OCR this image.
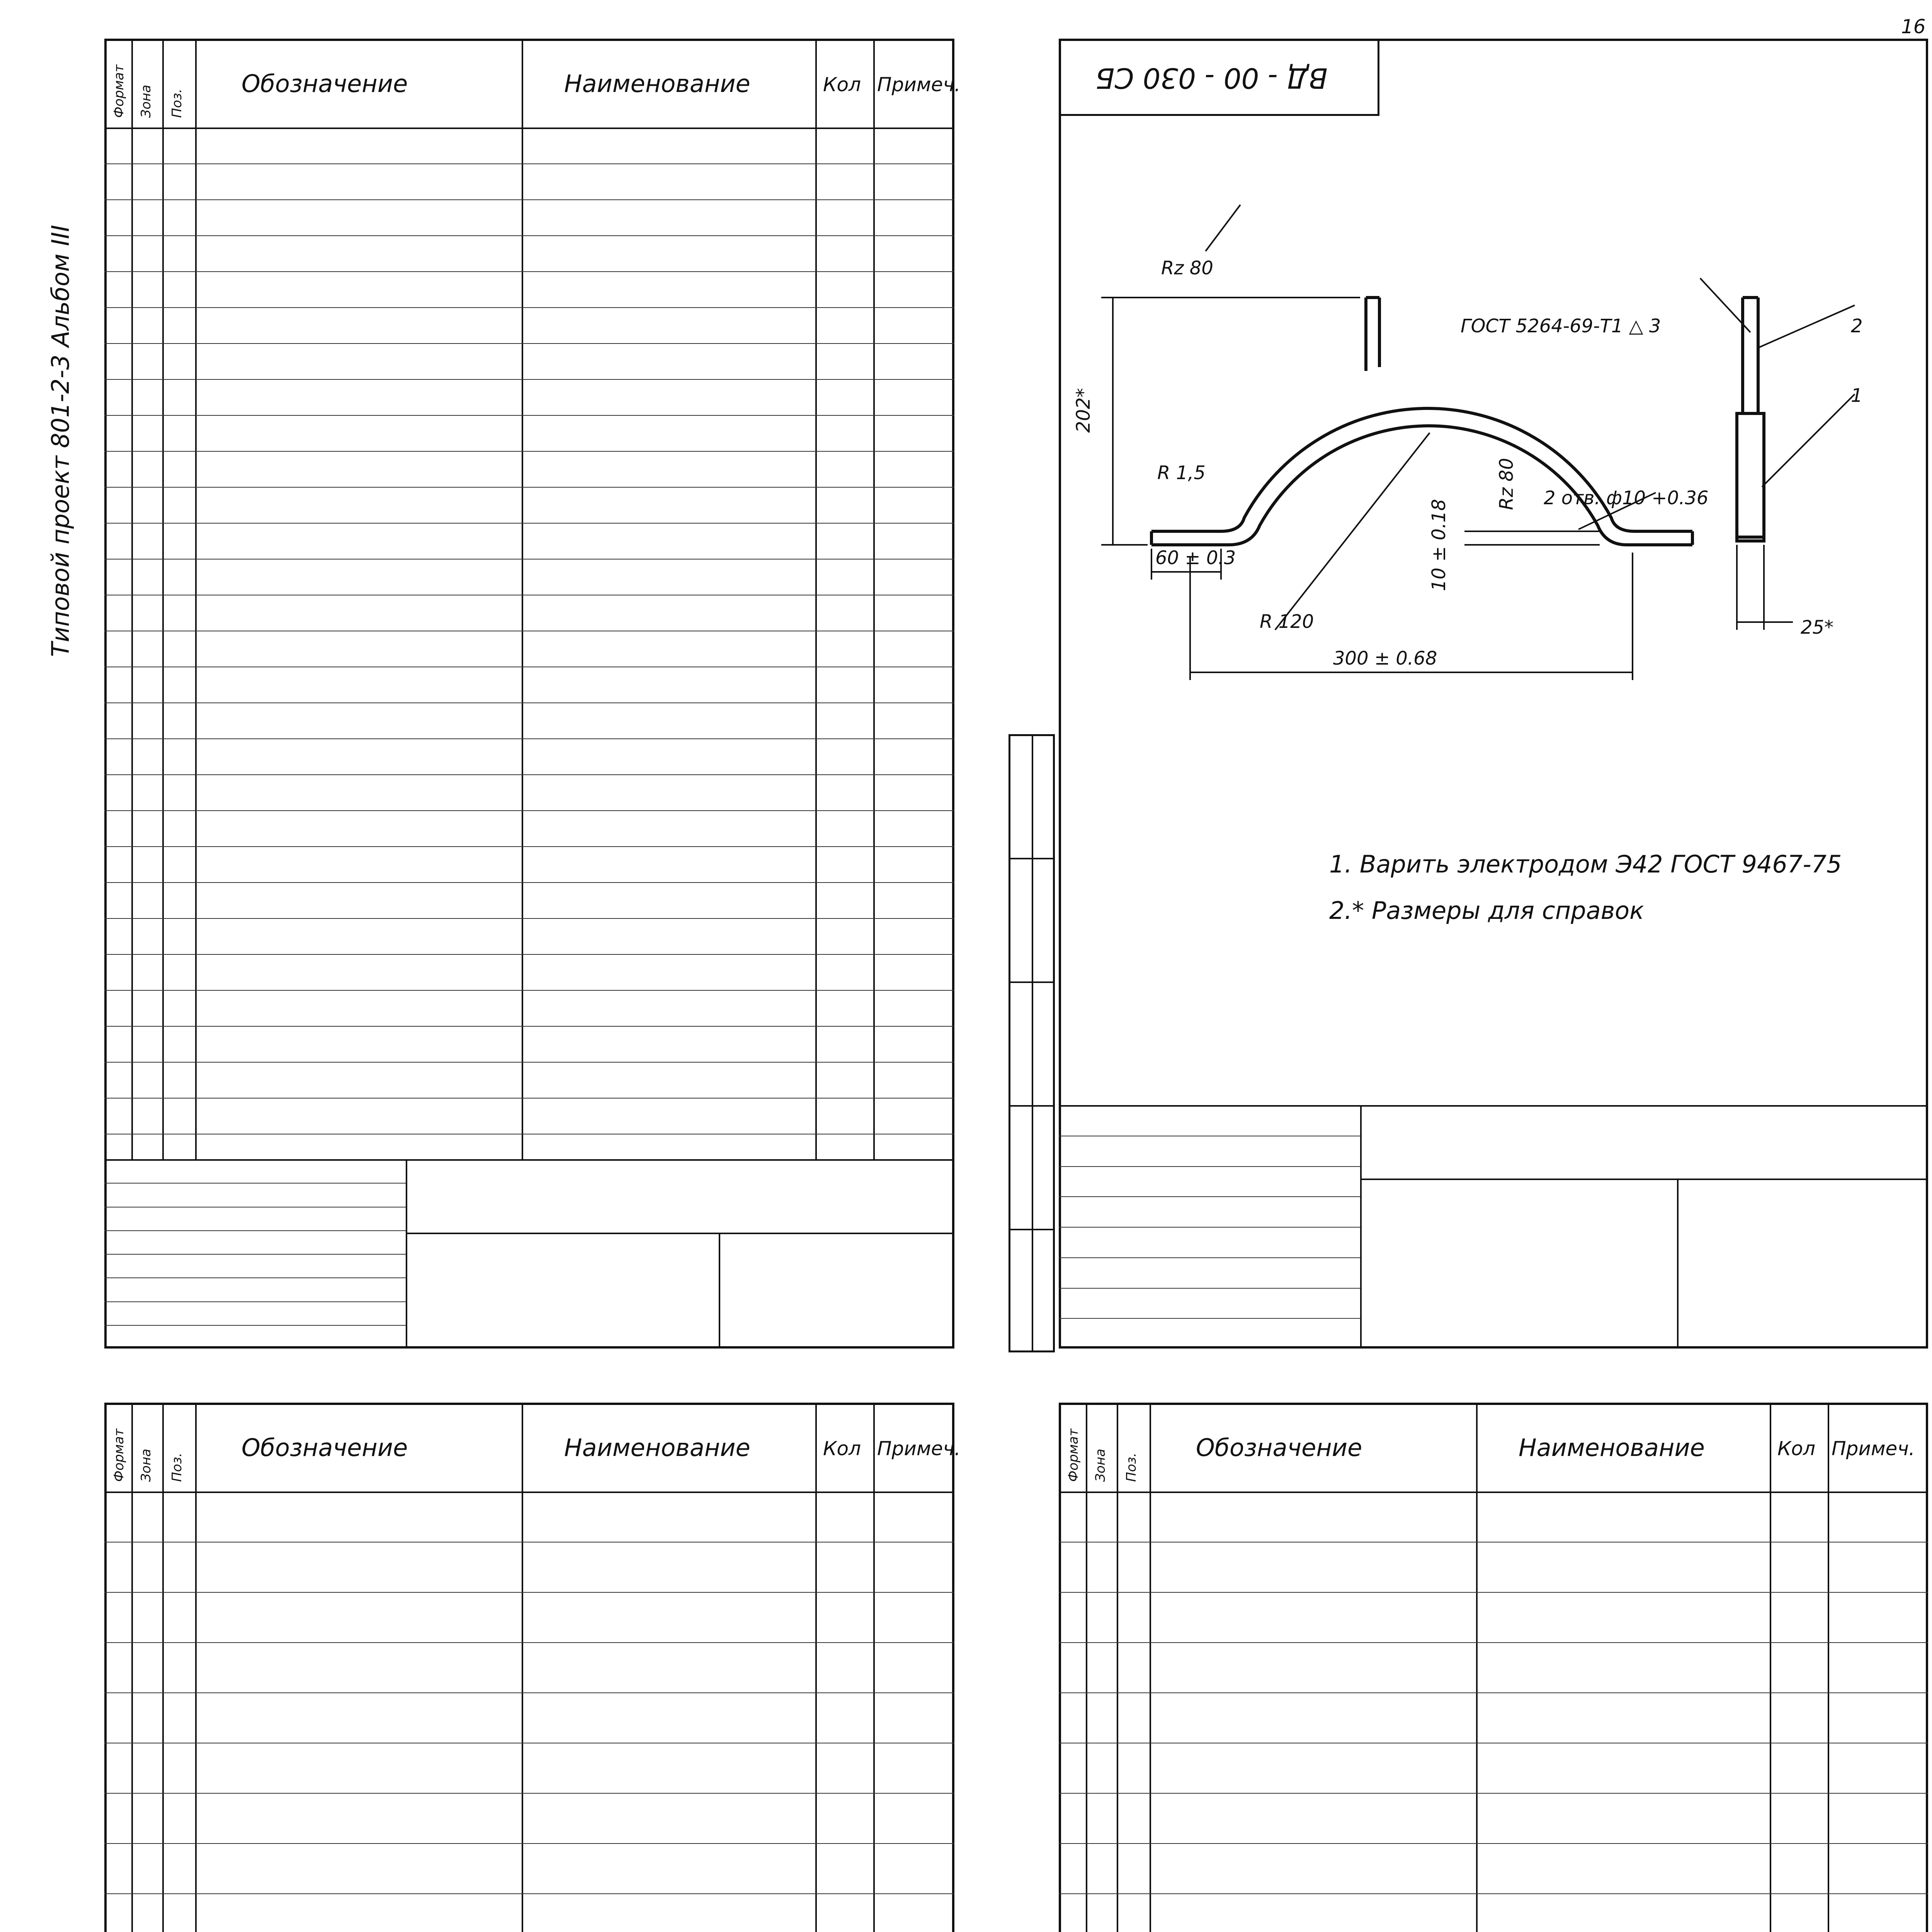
16
Типовой проект 801-2-3 Альбом III
Формат Зона Поз.
Обозначение	Наименование	Кол Примеч.	ВД - 00 - 030 СБ
Rz 80
202*
R 1,5
60 ± 0.3
R 120
300 ± 0.68
10 ± 0.18
Rz 80 2 отв. ф10 +0.36
ГОСТ 5264-69-Т1 △ 3
25*
2
1
1. Варить электродом Э42 ГОСТ 9467-75
2.* Размеры для справок
Формат Зона Поз.
Обозначение	Наименование	Кол Примеч.	Формат Зона Поз.
Обозначение	Наименование	Кол Примеч.
